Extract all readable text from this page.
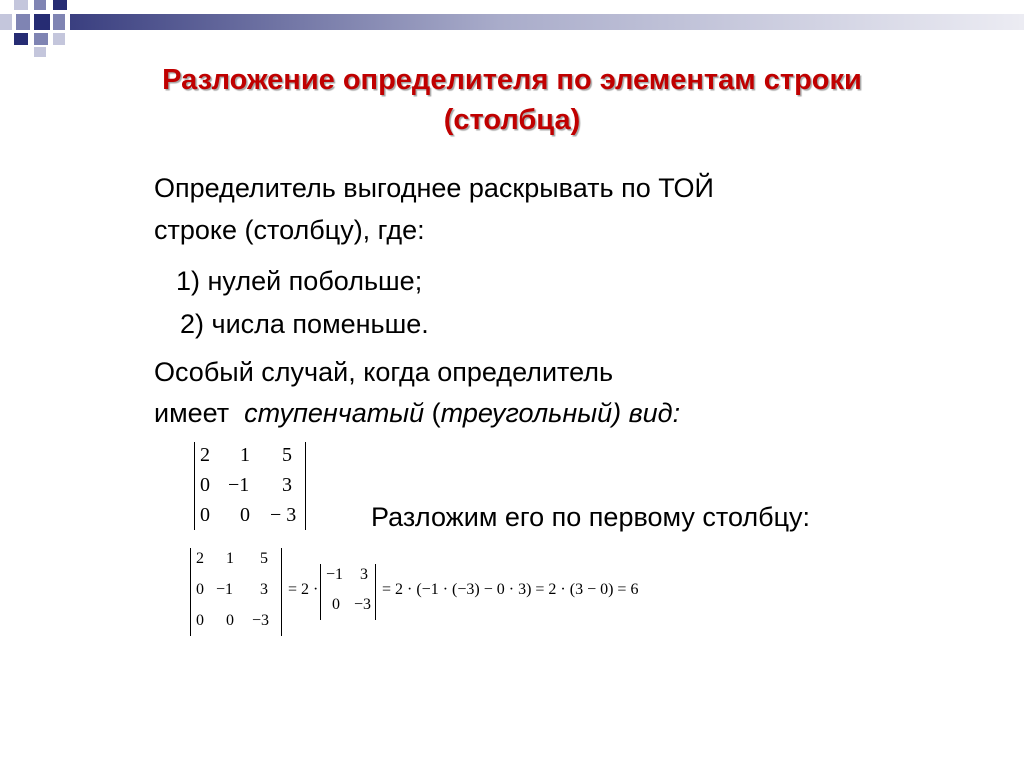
Разложение определителя по элементам строки
(столбца)
Определитель выгоднее раскрывать по ТОЙ
строке (столбцу), где:
1) нулей побольше;
2) числа поменьше.
Особый случай, когда определитель
имеет  ступенчатый (треугольный) вид:
2 1 5
0 −1 3
0 0 − 3	Разложим его по первому столбцу:
2 1 5
0 −1 3
0 0 −3
= 2 ·
−1 3
0 −3
= 2 · (−1 · (−3) − 0 · 3) = 2 · (3 − 0) = 6
